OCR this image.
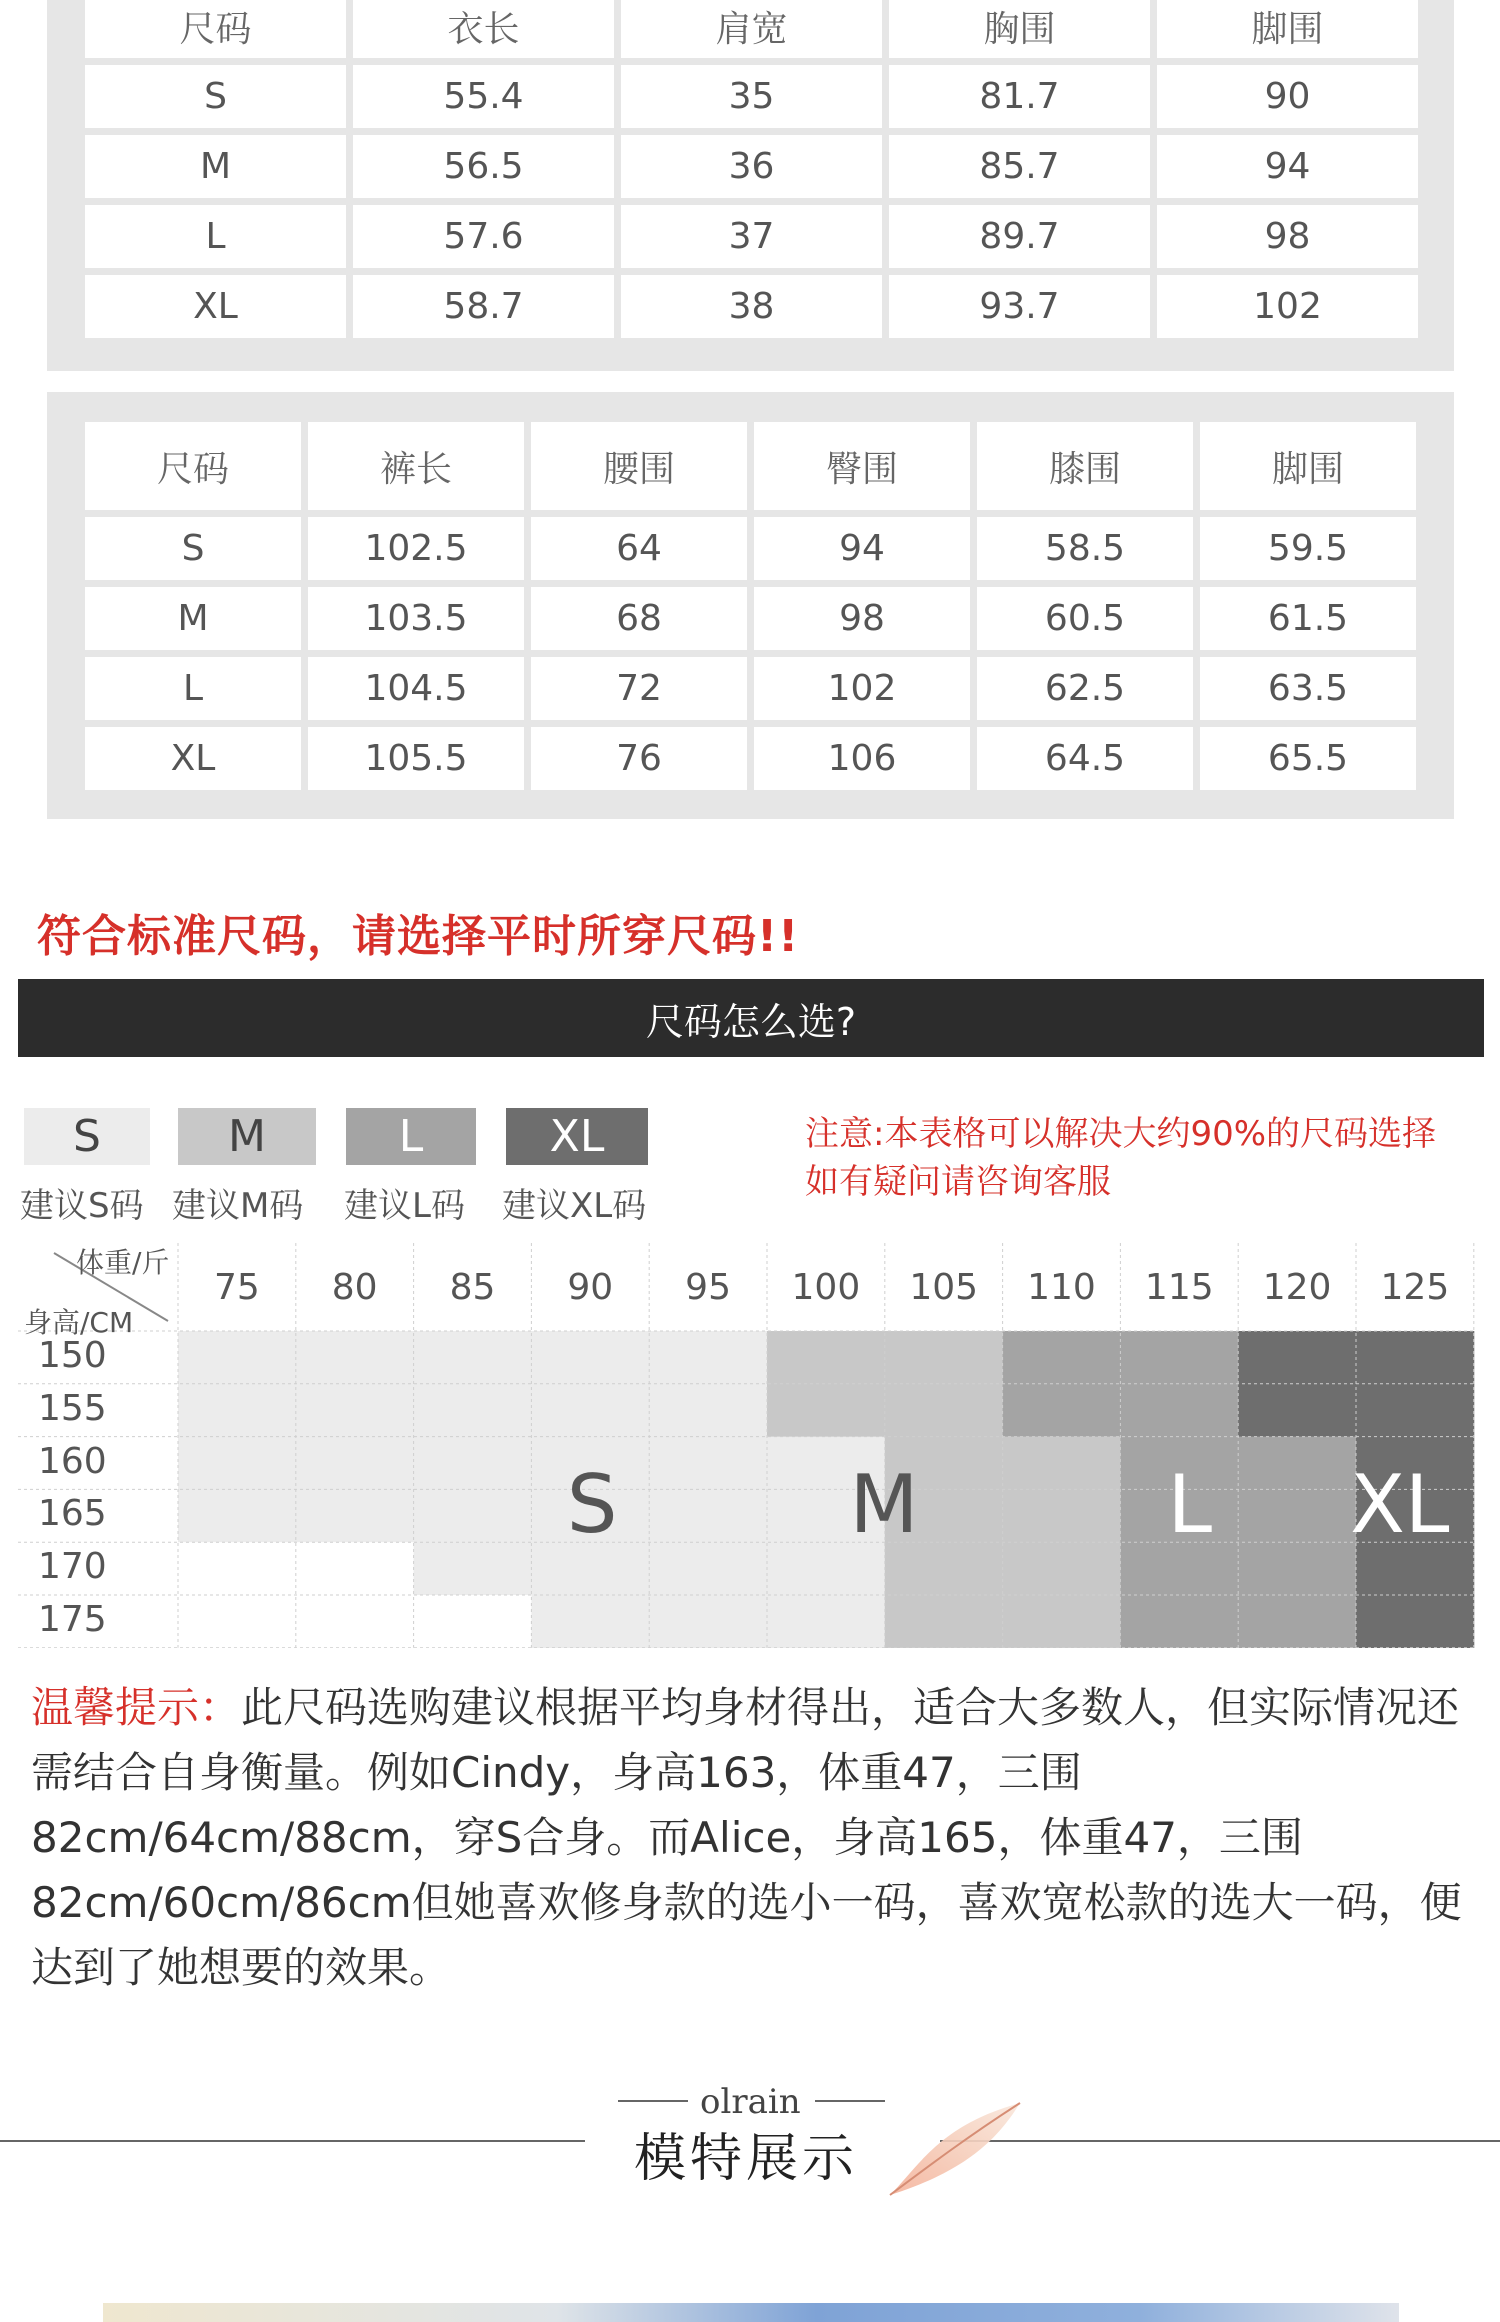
尺码	衣长	肩宽	胸围	脚围
S	55.4	35	81.7	90
M	56.5	36	85.7	94
L	57.6	37	89.7	98
XL	58.7	38	93.7	102
尺码	裤长	腰围	臀围	膝围	脚围
S	102.5	64	94	58.5	59.5
M	103.5	68	98	60.5	61.5
L	104.5	72	102	62.5	63.5
XL	105.5	76	106	64.5	65.5
符合标准尺码，请选择平时所穿尺码!!
尺码怎么选?
S	M	L	XL
建议S码 建议M码 建议L码 建议XL码
注意:本表格可以解决大约90%的尺码选择
如有疑问请咨询客服
体重/斤
身高/CM
75	80	85	90	95	100	105	110	115	120	125
150
155
160
165
170
175
S	M	L XL
温馨提示：此尺码选购建议根据平均身材得出，适合大多数人，但实际情况还需结合自身衡量。例如Cindy，身高163，体重47，三围82cm/64cm/88cm，穿S合身。而Alice，身高165，体重47，三围82cm/60cm/86cm但她喜欢修身款的选小一码，喜欢宽松款的选大一码，便达到了她想要的效果。
olrain
模特展示
